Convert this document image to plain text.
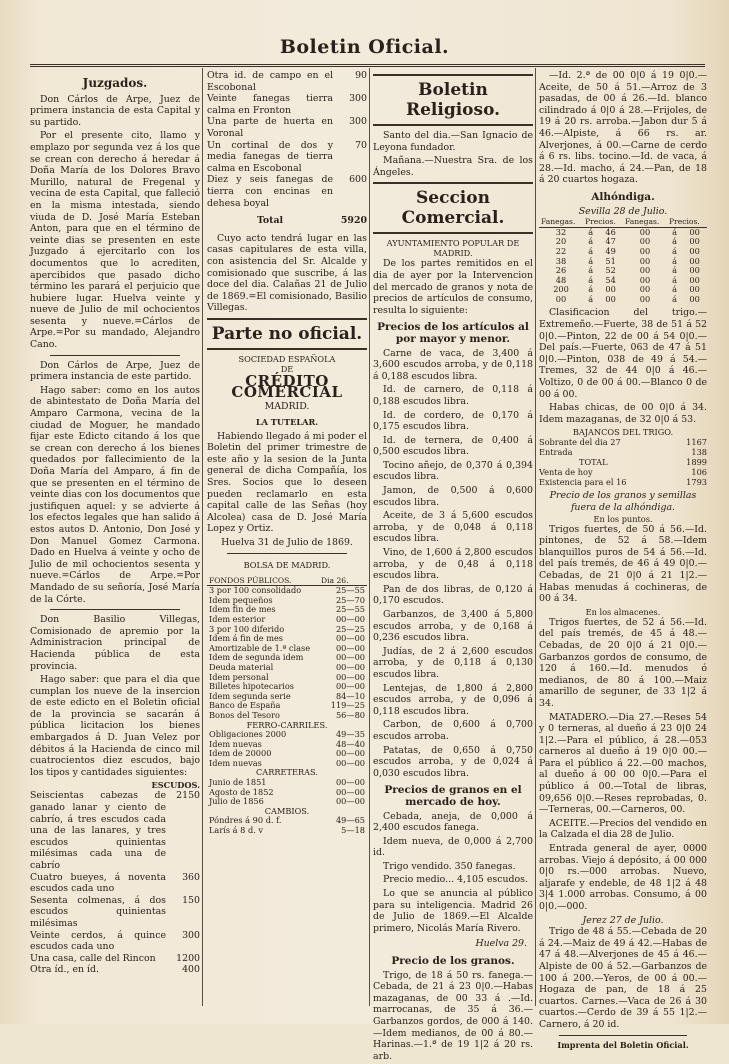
Boletin Oficial.
Juzgados.

Don Cárlos de Arpe, Juez de primera instancia de esta Capital y su partido.

Por el presente cito, llamo y emplazo por segunda vez á los que se crean con derecho á heredar á Doña María de los Dolores Bravo Murillo, natural de Fregenal y vecina de esta Capital, que falleció en la misma intestada, siendo viuda de D. José María Esteban Anton, para que en el término de veinte dias se presenten en este Juzgado á ejercitarlo con los documentos que lo acrediten, apercibidos que pasado dicho término les parará el perjuicio que hubiere lugar. Huelva veinte y nueve de Julio de mil ochocientos sesenta y nueve.=Cárlos de Arpe.=Por su mandado, Alejandro Cano.

Don Cárlos de Arpe, Juez de primera instancia de este partido.

Hago saber: como en los autos de abintestato de Doña María del Amparo Carmona, vecina de la ciudad de Moguer, he mandado fijar este Edicto citando á los que se crean con derecho á los bienes quedados por fallecimiento de la Doña María del Amparo, á fin de que se presenten en el término de veinte dias con los documentos que justifiquen aquel: y se advierte á los efectos legales que han salido á estos autos D. Antonio, Don José y Don Manuel Gomez Carmona. Dado en Huelva á veinte y ocho de Julio de mil ochocientos sesenta y nueve.=Cárlos de Arpe.=Por Mandado de su señoría, José María de la Córte.

Don Basilio Villegas, Comisionado de apremio por la Administracion principal de Hacienda pública de esta provincia.

Hago saber: que para el dia que cumplan los nueve de la insercion de este edicto en el Boletin oficial de la provincia se sacarán á pública licitacion los bienes embargados á D. Juan Velez por débitos á la Hacienda de cinco mil cuatrocientos diez escudos, bajo los tipos y cantidades siguientes:

ESCUDOS.
Seiscientas cabezas de ganado lanar y ciento de cabrío, á tres escudos cada una de las lanares, y tres escudos quinientas milésimas cada una de cabrío
2150
Cuatro bueyes, á noventa escudos cada uno
360
Sesenta colmenas, á dos escudos quinientas milésimas
150
Veinte cerdos, á quince escudos cada uno
300
Una casa, calle del Rincon	1200
Otra íd., en íd.	400
Otra id. de campo en el Escobonal
90
Veinte fanegas tierra calma en Fronton
300
Una parte de huerta en Voronal
300
Un cortinal de dos y media fanegas de tierra calma en Escobonal
70
Diez y seis fanegas de tierra con encinas en dehesa boyal
600
Total	5920

Cuyo acto tendrá lugar en las casas capitulares de esta villa, con asistencia del Sr. Alcalde y comisionado que suscribe, á las doce del dia. Calañas 21 de Julio de 1869.=El comisionado, Basilio Villegas.

Parte no oficial.
SOCIEDAD ESPAÑOLA
DE
CRÉDITO COMERCIAL
MADRID.
LA TUTELAR.

Habiendo llegado á mi poder el Boletin del primer trimestre de este año y la sesion de la Junta general de dicha Compañía, los Sres. Socios que lo deseen pueden reclamarlo en esta capital calle de las Señas (hoy Alcolea) casa de D. José María Lopez y Ortiz.

Huelva 31 de Julio de 1869.
BOLSA DE MADRID.
FONDOS PÚBLICOS.	Dia 26.
3 por 100 consolidado	25—55
Idem pequeños	25—70
Idem fin de mes	25—55
Idem esterior	00—00
3 por 100 diferido	25—25
Idem á fin de mes	00—00
Amortizable de 1.ª clase	00—00
Idem de segunda idem	00—00
Deuda material	00—00
Idem personal	00—00
Billetes hipotecarios	00—00
Idem segunda serie	84—10
Banco de España	119—25
Bonos del Tesoro	56—80
FERRO-CARRILES.	
Obligaciones 2000	49—35
Idem nuevas	48—40
Idem de 20000	00—00
Idem nuevas	00—00
CARRETERAS.	
Junio de 1851	00—00
Agosto de 1852	00—00
Julio de 1856	00—00
CAMBIOS.	
Póndres á 90 d. f.	49—65
Larís á 8 d. v	5—18
Boletin Religioso.

Santo del dia.—San Ignacio de Leyona fundador.

Mañana.—Nuestra Sra. de los Ángeles.

Seccion Comercial.
AYUNTAMIENTO POPULAR DE
MADRID.

De los partes remitidos en el dia de ayer por la Intervencion del mercado de granos y nota de precios de artículos de consumo, resulta lo siguiente:

Precios de los artículos al por mayor y menor.

Carne de vaca, de 3,400 á 3,600 escudos arroba, y de 0,118 á 0,188 escudos libra.

Id. de carnero, de 0,118 á 0,188 escudos libra.

Id. de cordero, de 0,170 á 0,175 escudos libra.

Id. de ternera, de 0,400 á 0,500 escudos libra.

Tocino añejo, de 0,370 á 0,394 escudos libra.

Jamon, de 0,500 á 0,600 escudos libra.

Aceite, de 3 á 5,600 escudos arroba, y de 0,048 á 0,118 escudos libra.

Vino, de 1,600 á 2,800 escudos arroba, y de 0,48 á 0,118 escudos libra.

Pan de dos libras, de 0,120 á 0,170 escudos.

Garbanzos, de 3,400 á 5,800 escudos arroba, y de 0,168 á 0,236 escudos libra.

Judías, de 2 á 2,600 escudos arroba, y de 0,118 á 0,130 escudos libra.

Lentejas, de 1,800 á 2,800 escudos arroba, y de 0,096 á 0,118 escudos libra.

Carbon, de 0,600 á 0,700 escudos arroba.

Patatas, de 0,650 á 0,750 escudos arroba, y de 0,024 á 0,030 escudos libra.

Precios de granos en el mercado de hoy.

Cebada, aneja, de 0,000 á 2,400 escudos fanega.

Idem nueva, de 0,000 á 2,700 id.

Trigo vendido. 350 fanegas.

Precio medio... 4,105 escudos.

Lo que se anuncia al público para su inteligencia. Madrid 26 de Julio de 1869.—El Alcalde primero, Nicolás María Rivero.

Huelva 29.
Precio de los granos.

Trigo, de 18 á 50 rs. fanega.—Cebada, de 21 á 23 0|0.—Habas mazaganas, de 00 33 á .—Id. marrocanas, de 35 á 36.—Garbanzos gordos, de 000 á 140.—Idem medianos, de 00 á 80.—Harinas.—1.ª de 19 1|2 á 20 rs. arb.

—Id. 2.ª de 00 0|0 á 19 0|0.—Aceite, de 50 á 51.—Arroz de 3 pasadas, de 00 á 26.—Id. blanco cilindrado á 0|0 á 28.—Frijoles, de 19 á 20 rs. arroba.—Jabon dur 5 á 46.—Alpiste, á 66 rs. ar. Alverjones, á 00.—Carne de cerdo á 6 rs. libs. tocino.—Id. de vaca, á 28.—Id. macho, á 24.—Pan, de 18 á 20 cuartos hogaza.

Alhóndiga.
Sevilla 28 de Julio.
Fanegas.	Precios.		Fanegas.	Precios.	
32	á	46	00	á	00
20	á	47	00	á	00
22	á	49	00	á	00
38	á	51	00	á	00
26	á	52	00	á	00
48	á	54	00	á	00
200	á	00	00	á	00
00	á	00	00	á	00

Clasificacion del trigo.—Extremeño.—Fuerte, 38 de 51 á 52 0|0.—Pinton, 22 de 00 á 54 0|0.—Del país.—Fuerte, 063 de 47 á 51 0|0.—Pinton, 038 de 49 á 54.—Tremes, 32 de 44 0|0 á 46.—Voltizo, 0 de 00 á 00.—Blanco 0 de 00 á 00.

Habas chicas, de 00 0|0 á 34. Idem mazaganas, de 32 0|0 á 53.

BAJANCOS DEL TRIGO.
Sobrante del dia 27	1167
Entrada	138
TOTAL	1899
Venta de hoy	106
Existencia para el 16	1793
Precio de los granos y semillas fuera de la alhóndiga.
En los puntos.

Trigos fuertes, de 50 á 56.—Id. pintones, de 52 á 58.—Idem blanquillos puros de 54 á 56.—Id. del país tremés, de 46 á 49 0|0.—Cebadas, de 21 0|0 á 21 1|2.—Habas menudas á cochineras, de 00 á 34.

En los almacenes.

Trigos fuertes, de 52 á 56.—Id. del país tremés, de 45 á 48.—Cebadas, de 20 0|0 á 21 0|0.—Garbanzos gordos de consumo, de 120 á 160.—Id. menudos ó medianos, de 80 á 100.—Maiz amarillo de seguner, de 33 1|2 á 34.

MATADERO.—Dia 27.—Reses 54 y 0 terneras, al dueño á 23 0|0 24 1|2.—Para el público, á 28.—053 carneros al dueño á 19 0|0 00.—Para el público á 22.—00 machos, al dueño á 00 00 0|0.—Para el público á 00.—Total de libras, 09,656 0|0.—Reses reprobadas, 0.—Terneras, 00.—Carneros, 00.

ACEITE.—Precios del vendido en la Calzada el dia 28 de Julio.

Entrada general de ayer, 0000 arrobas. Viejo á depósito, á 00 000 0|0 rs.—000 arrobas. Nuevo, aljarafe y endeble, de 48 1|2 á 48 3|4 1.000 arrobas. Consumo, á 00 0|0.—000.

Jerez 27 de Julio.

Trigo de 48 á 55.—Cebada de 20 á 24.—Maiz de 49 á 42.—Habas de 47 á 48.—Alverjones de 45 á 46.—Alpiste de 00 á 52.—Garbanzos de 100 á 200.—Yeros, de 00 á 00.—Hogaza de pan, de 18 á 25 cuartos. Carnes.—Vaca de 26 á 30 cuartos.—Cerdo de 39 á 55 1|2.—Carnero, á 20 id.

Imprenta del Boletin Oficial.
